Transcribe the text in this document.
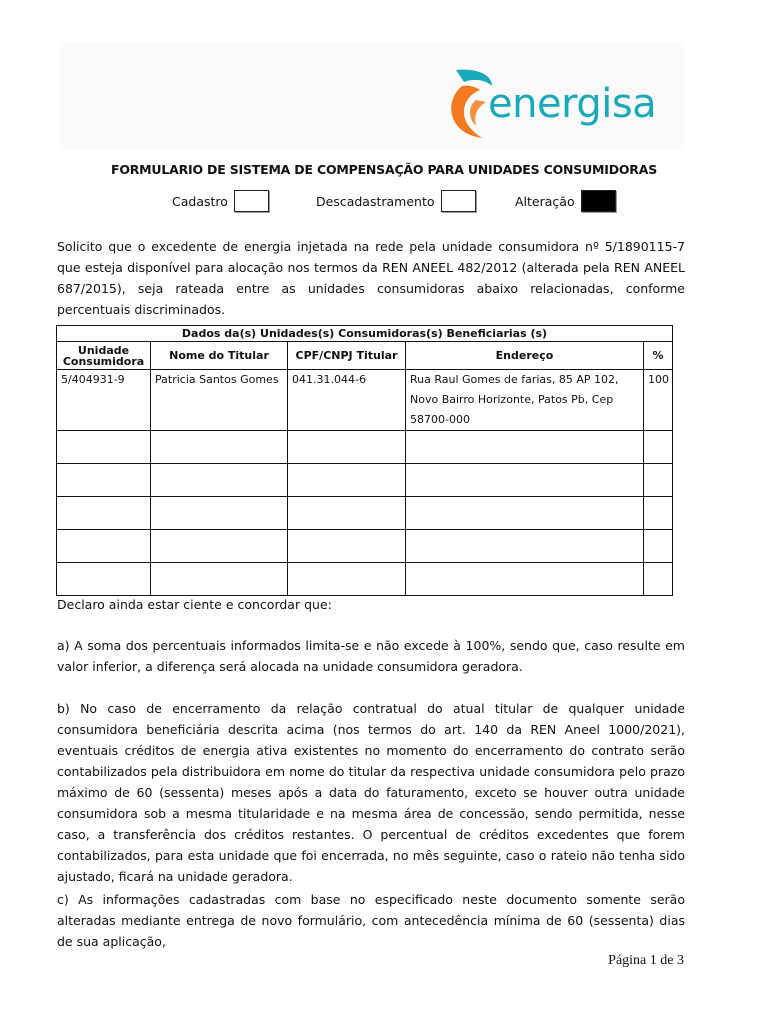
energisa
FORMULARIO DE SISTEMA DE COMPENSAÇÃO PARA UNIDADES CONSUMIDORAS
Cadastro	Descadastramento	Alteração
Solicito que o excedente de energia injetada na rede pela unidade consumidora nº 5/1890115-7 que esteja disponível para alocação nos termos da REN ANEEL 482/2012 (alterada pela REN ANEEL 687/2015), seja rateada entre as unidades consumidoras abaixo relacionadas, conforme percentuais discriminados.
Dados da(s) Unidades(s) Consumidoras(s) Beneficiarias (s)				
Unidade Consumidora	Nome do Titular	CPF/CNPJ Titular	Endereço	%
5/404931-9	Patricia Santos Gomes	041.31.044-6	Rua Raul Gomes de farias, 85 AP 102, Novo Bairro Horizonte, Patos Pb, Cep 58700-000	100

Declaro ainda estar ciente e concordar que:
a) A soma dos percentuais informados limita-se e não excede à 100%, sendo que, caso resulte em valor inferior, a diferença será alocada na unidade consumidora geradora.
b) No caso de encerramento da relação contratual do atual titular de qualquer unidade consumidora beneficiária descrita acima (nos termos do art. 140 da REN Aneel 1000/2021), eventuais créditos de energia ativa existentes no momento do encerramento do contrato serão contabilizados pela distribuidora em nome do titular da respectiva unidade consumidora pelo prazo máximo de 60 (sessenta) meses após a data do faturamento, exceto se houver outra unidade consumidora sob a mesma titularidade e na mesma área de concessão, sendo permitida, nesse caso, a transferência dos créditos restantes. O percentual de créditos excedentes que forem contabilizados, para esta unidade que foi encerrada, no mês seguinte, caso o rateio não tenha sido ajustado, ficará na unidade geradora.
c) As informações cadastradas com base no especificado neste documento somente serão alteradas mediante entrega de novo formulário, com antecedência mínima de 60 (sessenta) dias de sua aplicação,
Página 1 de 3
